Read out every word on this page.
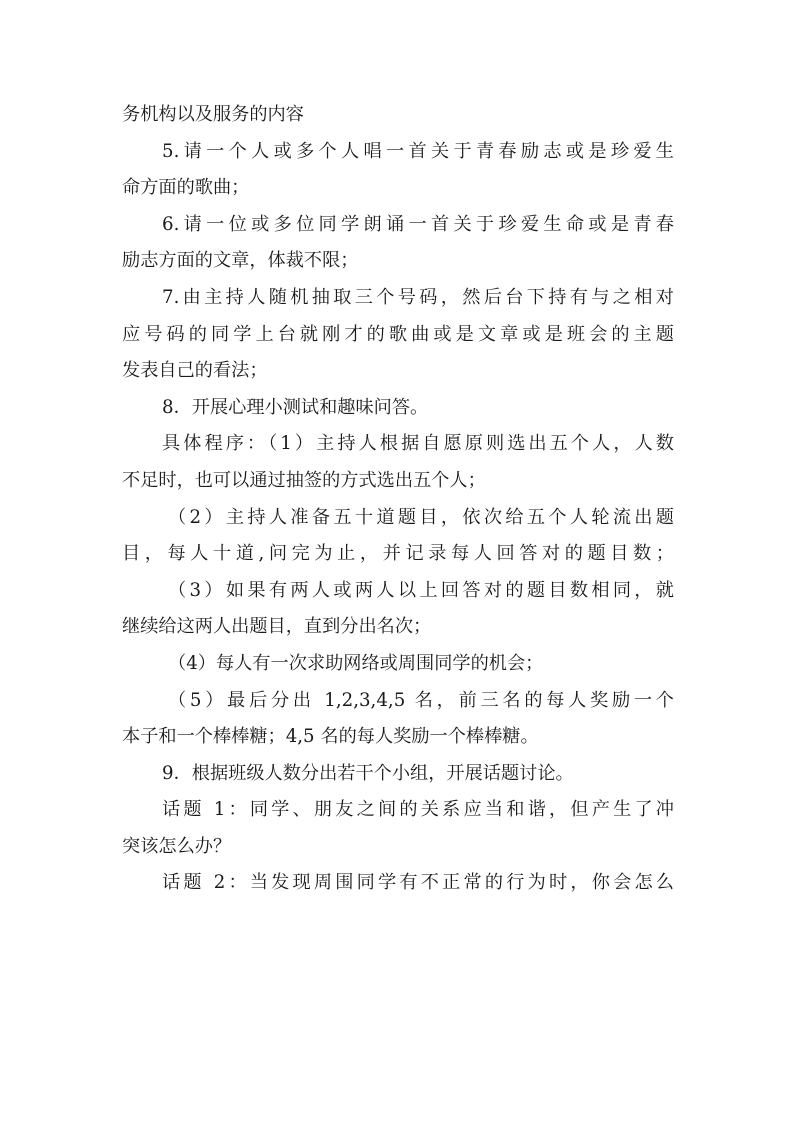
务机构以及服务的内容
5.请一个人或多个人唱一首关于青春励志或是珍爱生
命方面的歌曲；
6.请一位或多位同学朗诵一首关于珍爱生命或是青春
励志方面的文章，体裁不限；
7.由主持人随机抽取三个号码，然后台下持有与之相对
应号码的同学上台就刚才的歌曲或是文章或是班会的主题
发表自己的看法；
8．开展心理小测试和趣味问答。
具体程序：（1）主持人根据自愿原则选出五个人，人数
不足时，也可以通过抽签的方式选出五个人；
（2）主持人准备五十道题目，依次给五个人轮流出题
目，每人十道,问完为止，并记录每人回答对的题目数；
（3）如果有两人或两人以上回答对的题目数相同，就
继续给这两人出题目，直到分出名次；
（4）每人有一次求助网络或周围同学的机会；
（5）最后分出 1,2,3,4,5 名，前三名的每人奖励一个
本子和一个棒棒糖；4,5 名的每人奖励一个棒棒糖。
9．根据班级人数分出若干个小组，开展话题讨论。
话题 1：同学、朋友之间的关系应当和谐，但产生了冲
突该怎么办？
话题 2：当发现周围同学有不正常的行为时，你会怎么
